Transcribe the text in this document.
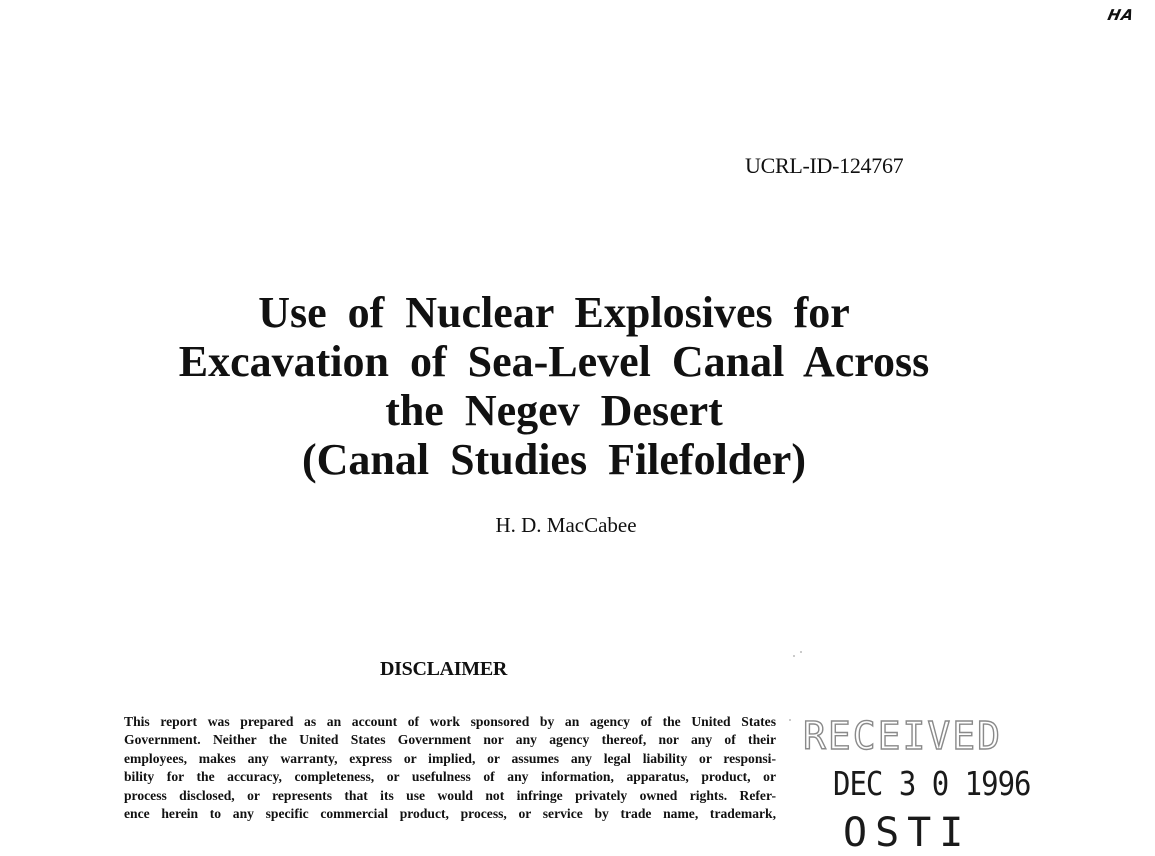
HA
UCRL-ID-124767
Use of Nuclear Explosives for
Excavation of Sea-Level Canal Across
the Negev Desert
(Canal Studies Filefolder)
H. D. MacCabee
DISCLAIMER
This report was prepared as an account of work sponsored by an agency of the United States
Government. Neither the United States Government nor any agency thereof, nor any of their
employees, makes any warranty, express or implied, or assumes any legal liability or responsi-
bility for the accuracy, completeness, or usefulness of any information, apparatus, product, or
process disclosed, or represents that its use would not infringe privately owned rights. Refer-
ence herein to any specific commercial product, process, or service by trade name, trademark,
RECEIVED
DEC 3 0 1996
OSTI
